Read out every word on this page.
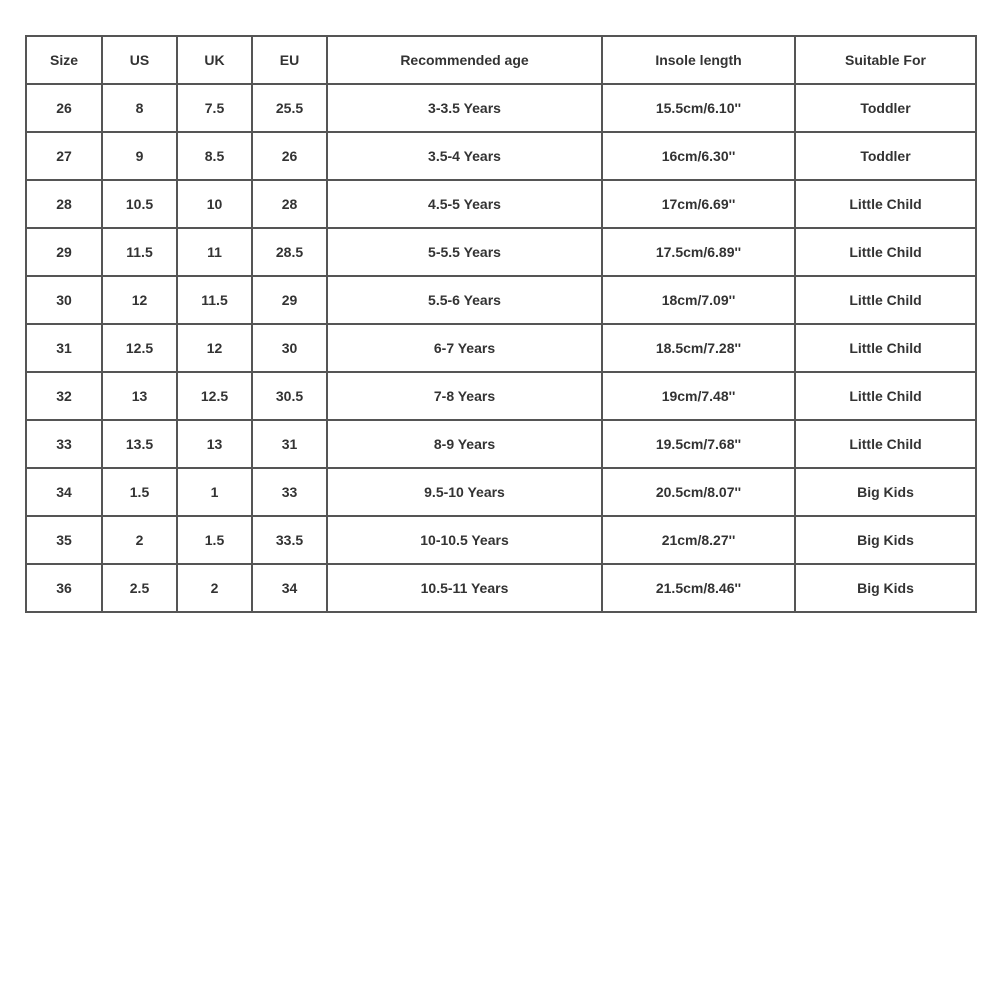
Size	US	UK	EU	Recommended age	Insole length	Suitable For
26	8	7.5	25.5	3-3.5 Years	15.5cm/6.10''	Toddler
27	9	8.5	26	3.5-4 Years	16cm/6.30''	Toddler
28	10.5	10	28	4.5-5 Years	17cm/6.69''	Little Child
29	11.5	11	28.5	5-5.5 Years	17.5cm/6.89''	Little Child
30	12	11.5	29	5.5-6 Years	18cm/7.09''	Little Child
31	12.5	12	30	6-7 Years	18.5cm/7.28''	Little Child
32	13	12.5	30.5	7-8 Years	19cm/7.48''	Little Child
33	13.5	13	31	8-9 Years	19.5cm/7.68''	Little Child
34	1.5	1	33	9.5-10 Years	20.5cm/8.07''	Big Kids
35	2	1.5	33.5	10-10.5 Years	21cm/8.27''	Big Kids
36	2.5	2	34	10.5-11 Years	21.5cm/8.46''	Big Kids
